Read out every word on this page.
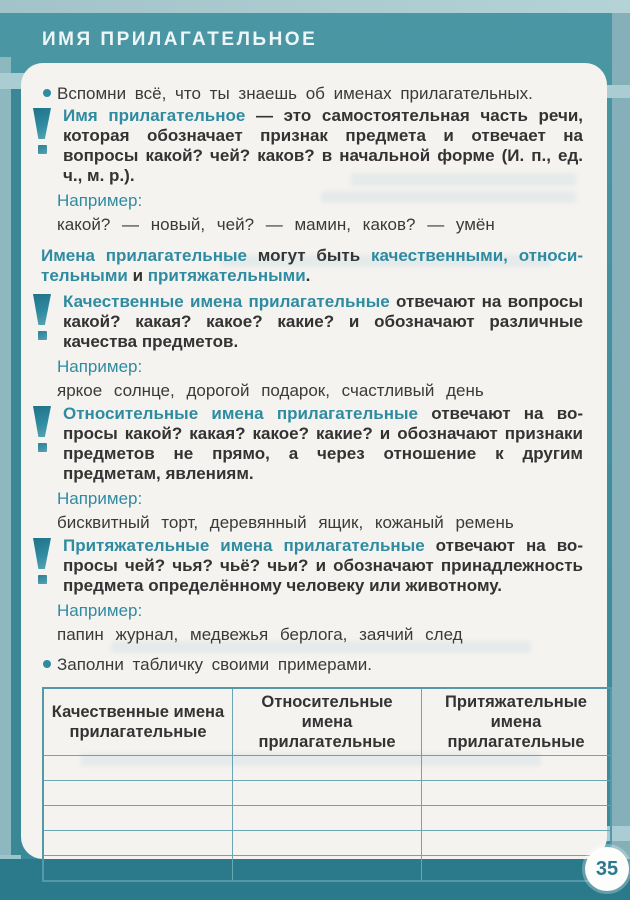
ИМЯ ПРИЛАГАТЕЛЬНОЕ

Вспомни всё, что ты знаешь об именах прилагательных.

Имя прилагательное — это самостоятельная часть речи, которая обозначает признак предмета и отвечает на вопросы какой? чей? каков? в начальной форме (И. п., ед. ч., м. р.).

Например:

какой? — новый, чей? — мамин, каков? — умён

Имена прилагательные могут быть качественными, относительными и притяжательными.

Качественные имена прилагательные отвечают на вопросы какой? какая? какое? какие? и обозначают различные качества предметов.

Например:

яркое солнце, дорогой подарок, счастливый день

Относительные имена прилагательные отвечают на вопросы какой? какая? какое? какие? и обозначают признаки предметов не прямо, а через отношение к другим предметам, явлениям.

Например:

бисквитный торт, деревянный ящик, кожаный ремень

Притяжательные имена прилагательные отвечают на вопросы чей? чья? чьё? чьи? и обозначают принадлежность предмета определённому человеку или животному.

Например:

папин журнал, медвежья берлога, заячий след

Заполни табличку своими примерами.

Качественные имена прилагательные	Относительные имена прилагательные	Притяжательные имена прилагательные

35
